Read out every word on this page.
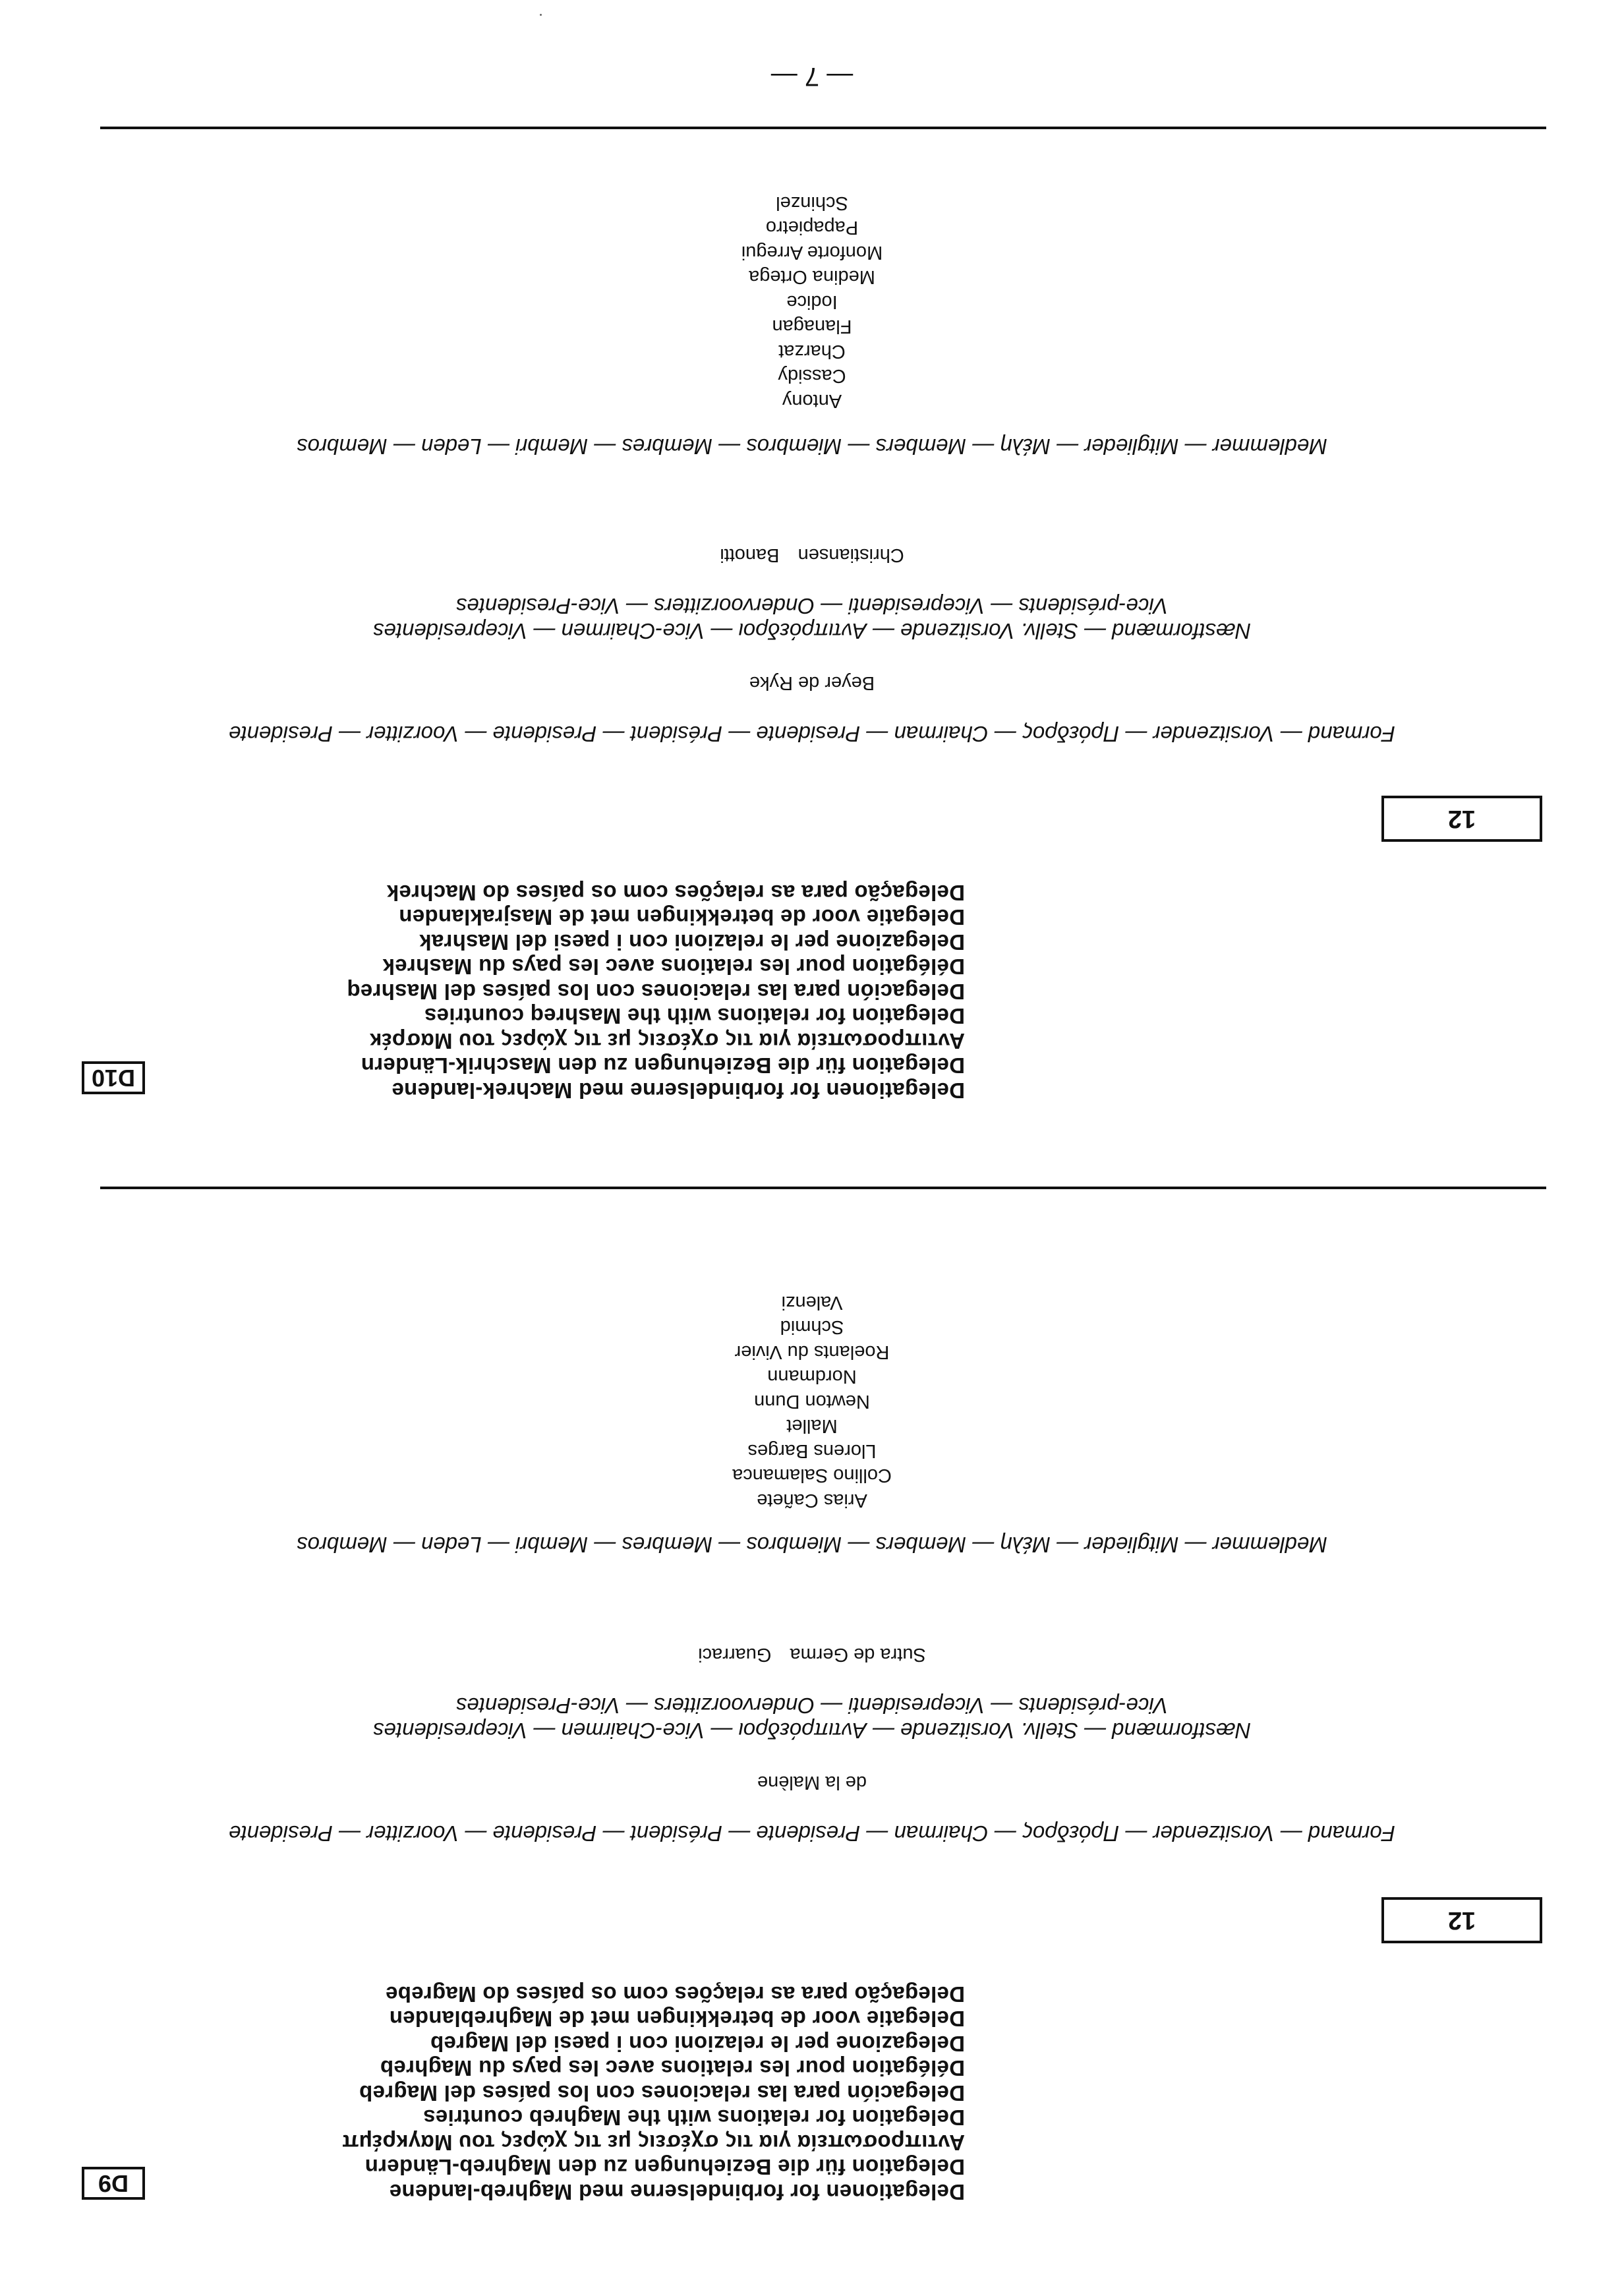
D9	Delegationen for forbindelserne med Maghreb-landene
Delegation für die Beziehungen zu den Maghreb-Ländern
Αντιπροσωπεία για τις σχέσεις με τις χώρες του Μαγκρέμπ
Delegation for relations with the Maghreb countries
Delegación para las relaciones con los países del Magreb
Délégation pour les relations avec les pays du Maghreb
Delegazione per le relazioni con i paesi del Magreb
Delegatie voor de betrekkingen met de Maghreblanden
Delegação para as relações com os países do Magrebe
12
Formand — Vorsitzender — Πρόεδρος — Chairman — Presidente — Président — Presidente — Voorzitter — Presidente
de la Malène
Næstformænd — Stellv. Vorsitzende — Αντιπρόεδροι — Vice-Chairmen — Vicepresidentes
Vice-présidents — Vicepresidenti — Ondervoorzitters — Vice-Presidentes
Sutra de Germa Guarraci
Medlemmer — Mitglieder — Μέλη — Members — Miembros — Membres — Membri — Leden — Membros
Arias Cañete
Collino Salamanca
Llorens Barges
Mallet
Newton Dunn
Nordmann
Roelants du Vivier
Schmid
Valenzi
D10	Delegationen for forbindelserne med Machrek-landene
Delegation für die Beziehungen zu den Maschrik-Ländern
Αντιπροσωπεία για τις σχέσεις με τις χώρες του Μασρέκ
Delegation for relations with the Mashreq countries
Delegación para las relaciones con los países del Mashreq
Délégation pour les relations avec les pays du Mashrek
Delegazione per le relazioni con i paesi del Mashrak
Delegatie voor de betrekkingen met de Masjraklanden
Delegação para as relações com os países do Machrek
12
Formand — Vorsitzender — Πρόεδρος — Chairman — Presidente — Président — Presidente — Voorzitter — Presidente
Beyer de Ryke
Næstformænd — Stellv. Vorsitzende — Αντιπρόεδροι — Vice-Chairmen — Vicepresidentes
Vice-présidents — Vicepresidenti — Ondervoorzitters — Vice-Presidentes
Christiansen Banotti
Medlemmer — Mitglieder — Μέλη — Members — Miembros — Membres — Membri — Leden — Membros
Antony
Cassidy
Charzat
Flanagan
Iodice
Medina Ortega
Monforte Arregui
Papapietro
Schinzel
— 7 —
